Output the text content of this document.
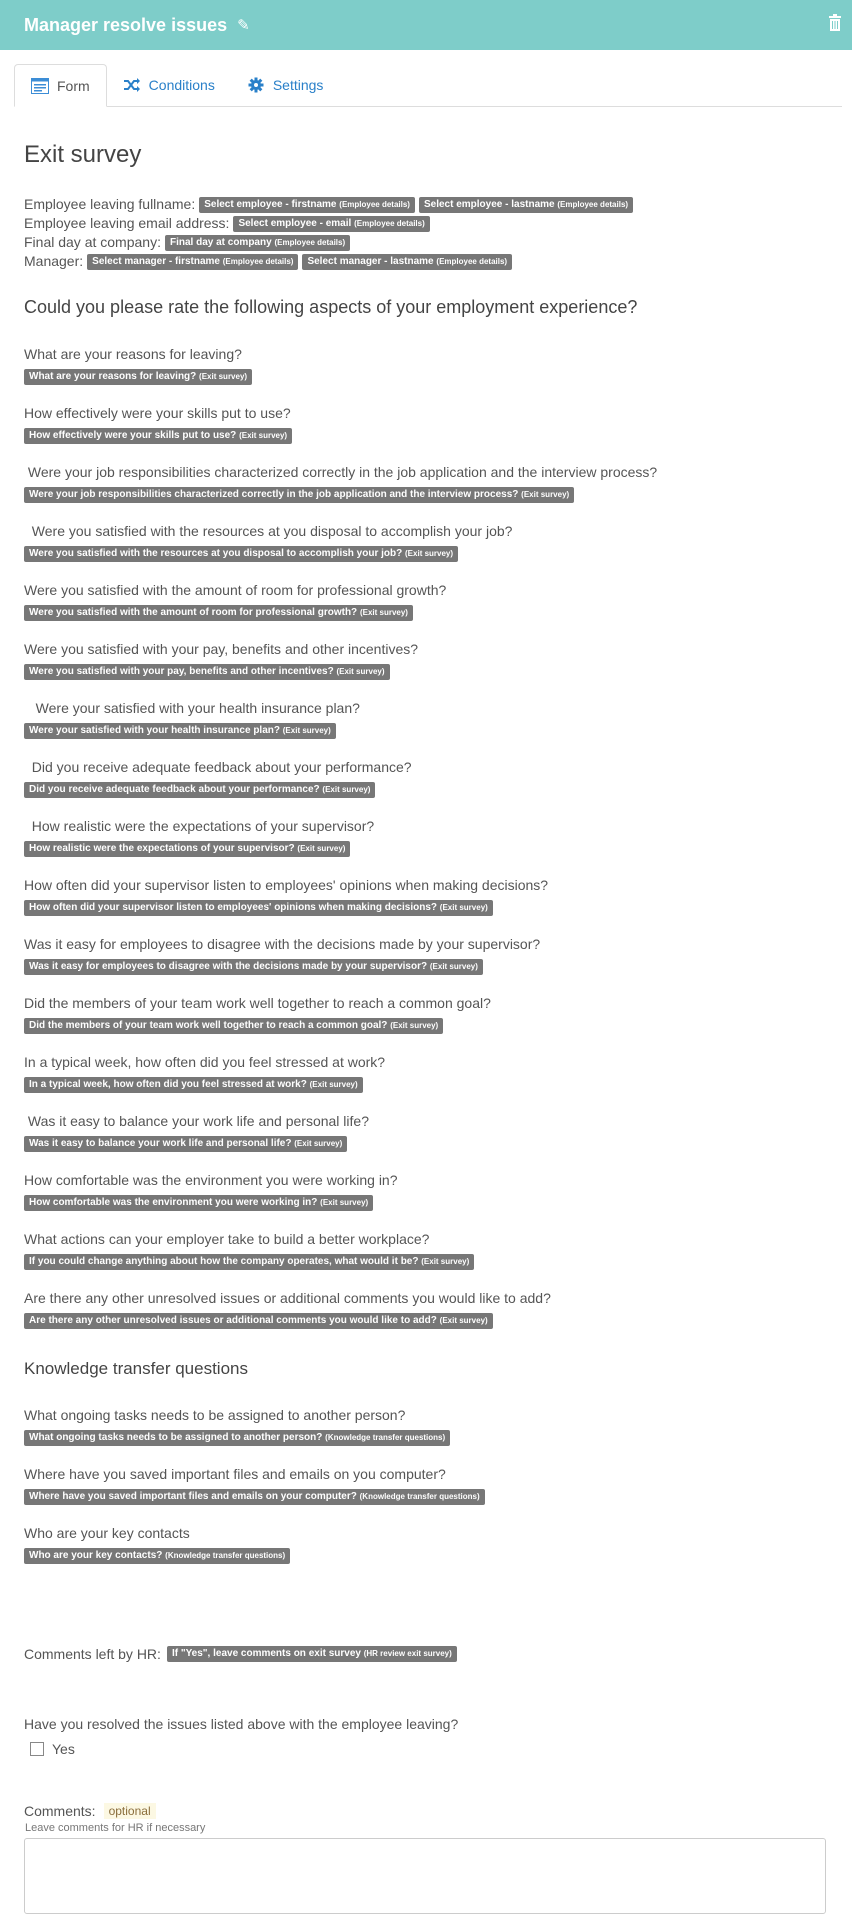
Manager resolve issues ✎
Form	Conditions	Settings
Exit survey
Employee leaving fullname: Select employee - firstname (Employee details)	Select employee - lastname (Employee details)
Employee leaving email address: Select employee - email (Employee details)
Final day at company: Final day at company (Employee details)
Manager: Select manager - firstname (Employee details)	Select manager - lastname (Employee details)
Could you please rate the following aspects of your employment experience?
What are your reasons for leaving?
What are your reasons for leaving? (Exit survey)
How effectively were your skills put to use?
How effectively were your skills put to use? (Exit survey)
Were your job responsibilities characterized correctly in the job application and the interview process?
Were your job responsibilities characterized correctly in the job application and the interview process? (Exit survey)
Were you satisfied with the resources at you disposal to accomplish your job?
Were you satisfied with the resources at you disposal to accomplish your job? (Exit survey)
Were you satisfied with the amount of room for professional growth?
Were you satisfied with the amount of room for professional growth? (Exit survey)
Were you satisfied with your pay, benefits and other incentives?
Were you satisfied with your pay, benefits and other incentives? (Exit survey)
Were your satisfied with your health insurance plan?
Were your satisfied with your health insurance plan? (Exit survey)
Did you receive adequate feedback about your performance?
Did you receive adequate feedback about your performance? (Exit survey)
How realistic were the expectations of your supervisor?
How realistic were the expectations of your supervisor? (Exit survey)
How often did your supervisor listen to employees' opinions when making decisions?
How often did your supervisor listen to employees' opinions when making decisions? (Exit survey)
Was it easy for employees to disagree with the decisions made by your supervisor?
Was it easy for employees to disagree with the decisions made by your supervisor? (Exit survey)
Did the members of your team work well together to reach a common goal?
Did the members of your team work well together to reach a common goal? (Exit survey)
In a typical week, how often did you feel stressed at work?
In a typical week, how often did you feel stressed at work? (Exit survey)
Was it easy to balance your work life and personal life?
Was it easy to balance your work life and personal life? (Exit survey)
How comfortable was the environment you were working in?
How comfortable was the environment you were working in? (Exit survey)
What actions can your employer take to build a better workplace?
If you could change anything about how the company operates, what would it be? (Exit survey)
Are there any other unresolved issues or additional comments you would like to add?
Are there any other unresolved issues or additional comments you would like to add? (Exit survey)
Knowledge transfer questions
What ongoing tasks needs to be assigned to another person?
What ongoing tasks needs to be assigned to another person? (Knowledge transfer questions)
Where have you saved important files and emails on you computer?
Where have you saved important files and emails on your computer? (Knowledge transfer questions)
Who are your key contacts
Who are your key contacts? (Knowledge transfer questions)
Comments left by HR:	If "Yes", leave comments on exit survey (HR review exit survey)
Have you resolved the issues listed above with the employee leaving?
Yes
Comments:	optional
Leave comments for HR if necessary
